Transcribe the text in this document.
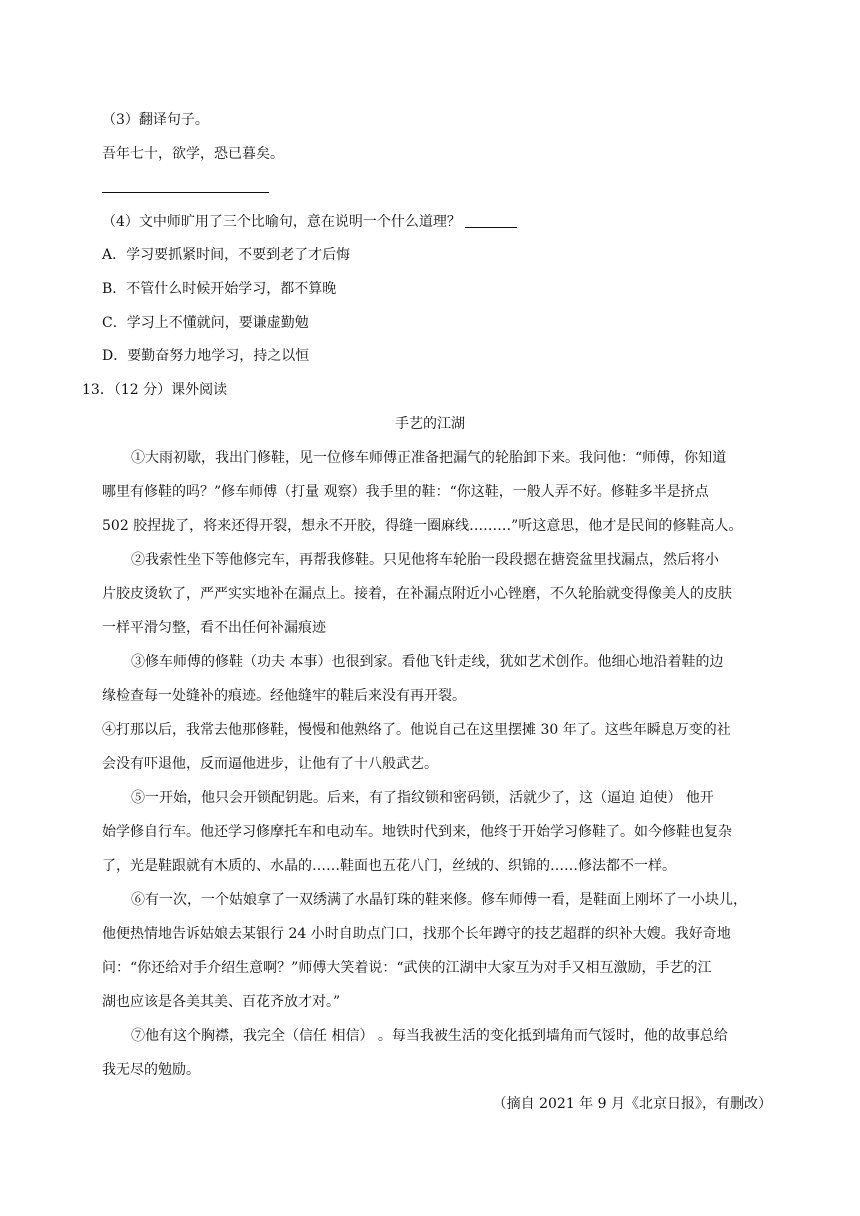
（3）翻译句子。
吾年七十，欲学，恐已暮矣。
（4）文中师旷用了三个比喻句，意在说明一个什么道理？
A．学习要抓紧时间，不要到老了才后悔
B．不管什么时候开始学习，都不算晚
C．学习上不懂就问，要谦虚勤勉
D．要勤奋努力地学习，持之以恒
13．（12 分）课外阅读
手艺的江湖
①大雨初歇，我出门修鞋，见一位修车师傅正准备把漏气的轮胎卸下来。我问他：“师傅，你知道
哪里有修鞋的吗？”修车师傅（打量 观察）我手里的鞋：“你这鞋，一般人弄不好。修鞋多半是挤点
502 胶捏拢了，将来还得开裂，想永不开胶，得缝一圈麻线………”听这意思，他才是民间的修鞋高人。
②我索性坐下等他修完车，再帮我修鞋。只见他将车轮胎一段段摁在搪瓷盆里找漏点，然后将小
片胶皮烫软了，严严实实地补在漏点上。接着，在补漏点附近小心锉磨，不久轮胎就变得像美人的皮肤
一样平滑匀整，看不出任何补漏痕迹
③修车师傅的修鞋（功夫 本事）也很到家。看他飞针走线，犹如艺术创作。他细心地沿着鞋的边
缘检查每一处缝补的痕迹。经他缝牢的鞋后来没有再开裂。
④打那以后，我常去他那修鞋，慢慢和他熟络了。他说自己在这里摆摊 30 年了。这些年瞬息万变的社
会没有吓退他，反而逼他进步，让他有了十八般武艺。
⑤一开始，他只会开锁配钥匙。后来，有了指纹锁和密码锁，活就少了，这（逼迫 迫使） 他开
始学修自行车。他还学习修摩托车和电动车。地铁时代到来，他终于开始学习修鞋了。如今修鞋也复杂
了，光是鞋跟就有木质的、水晶的……鞋面也五花八门，丝绒的、织锦的……修法都不一样。
⑥有一次，一个姑娘拿了一双绣满了水晶钉珠的鞋来修。修车师傅一看，是鞋面上刚坏了一小块儿，
他便热情地告诉姑娘去某银行 24 小时自助点门口，找那个长年蹲守的技艺超群的织补大嫂。我好奇地
问：“你还给对手介绍生意啊？”师傅大笑着说：“武侠的江湖中大家互为对手又相互激励，手艺的江
湖也应该是各美其美、百花齐放才对。”
⑦他有这个胸襟，我完全（信任 相信） 。每当我被生活的变化抵到墙角而气馁时，他的故事总给
我无尽的勉励。
（摘自 2021 年 9 月《北京日报》，有删改）
